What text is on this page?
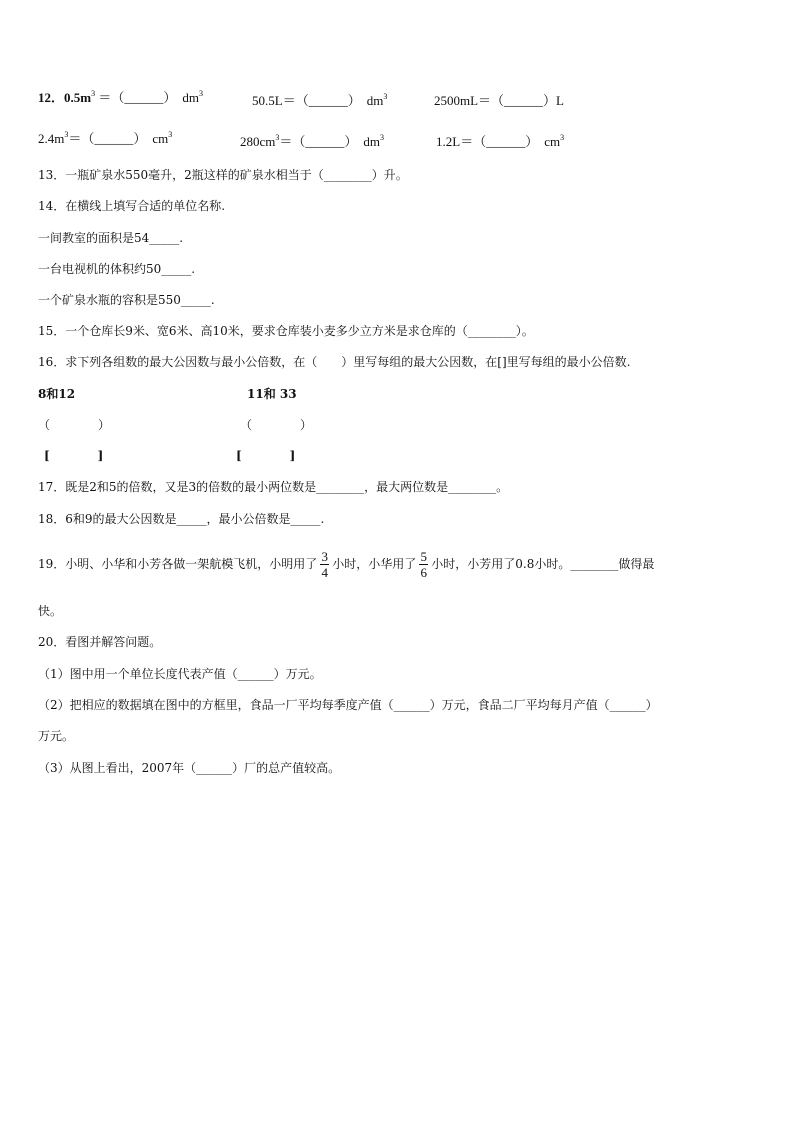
12．$0.5m^3$ ＝（______） $dm^3$	50.5L＝（______） $dm^3$	2500mL＝（______）L
$2.4m^3=(\_\_\_\_\_\_)$ $cm^3$	$280cm^3=(\_\_\_\_\_\_)$ $dm^3$	1.2L＝（______） $cm^3$
13．一瓶矿泉水550毫升，2瓶这样的矿泉水相当于（________）升。
14．在横线上填写合适的单位名称.
一间教室的面积是54_____.
一台电视机的体积约50_____.
一个矿泉水瓶的容积是550_____.
15．一个仓库长9米、宽6米、高10米，要求仓库装小麦多少立方米是求仓库的（________）。
16．求下列各组数的最大公因数与最小公倍数，在（　　）里写每组的最大公因数，在[]里写每组的最小公倍数.
8和12	11和 33
（　　　　）	（　　　　）
[　　　　]	[　　　　]
17．既是2和5的倍数，又是3的倍数的最小两位数是________，最大两位数是________。
18．6和9的最大公因数是_____，最小公倍数是_____.
19．小明、小华和小芳各做一架航模飞机，小明用了 $\frac{3}{4}$ 小时，小华用了 $\frac{5}{6}$ 小时，小芳用了0.8小时。________做得最
快。
20．看图并解答问题。
（1）图中用一个单位长度代表产值（______）万元。
（2）把相应的数据填在图中的方框里，食品一厂平均每季度产值（______）万元，食品二厂平均每月产值（______）
万元。
（3）从图上看出，2007年（______）厂的总产值较高。
